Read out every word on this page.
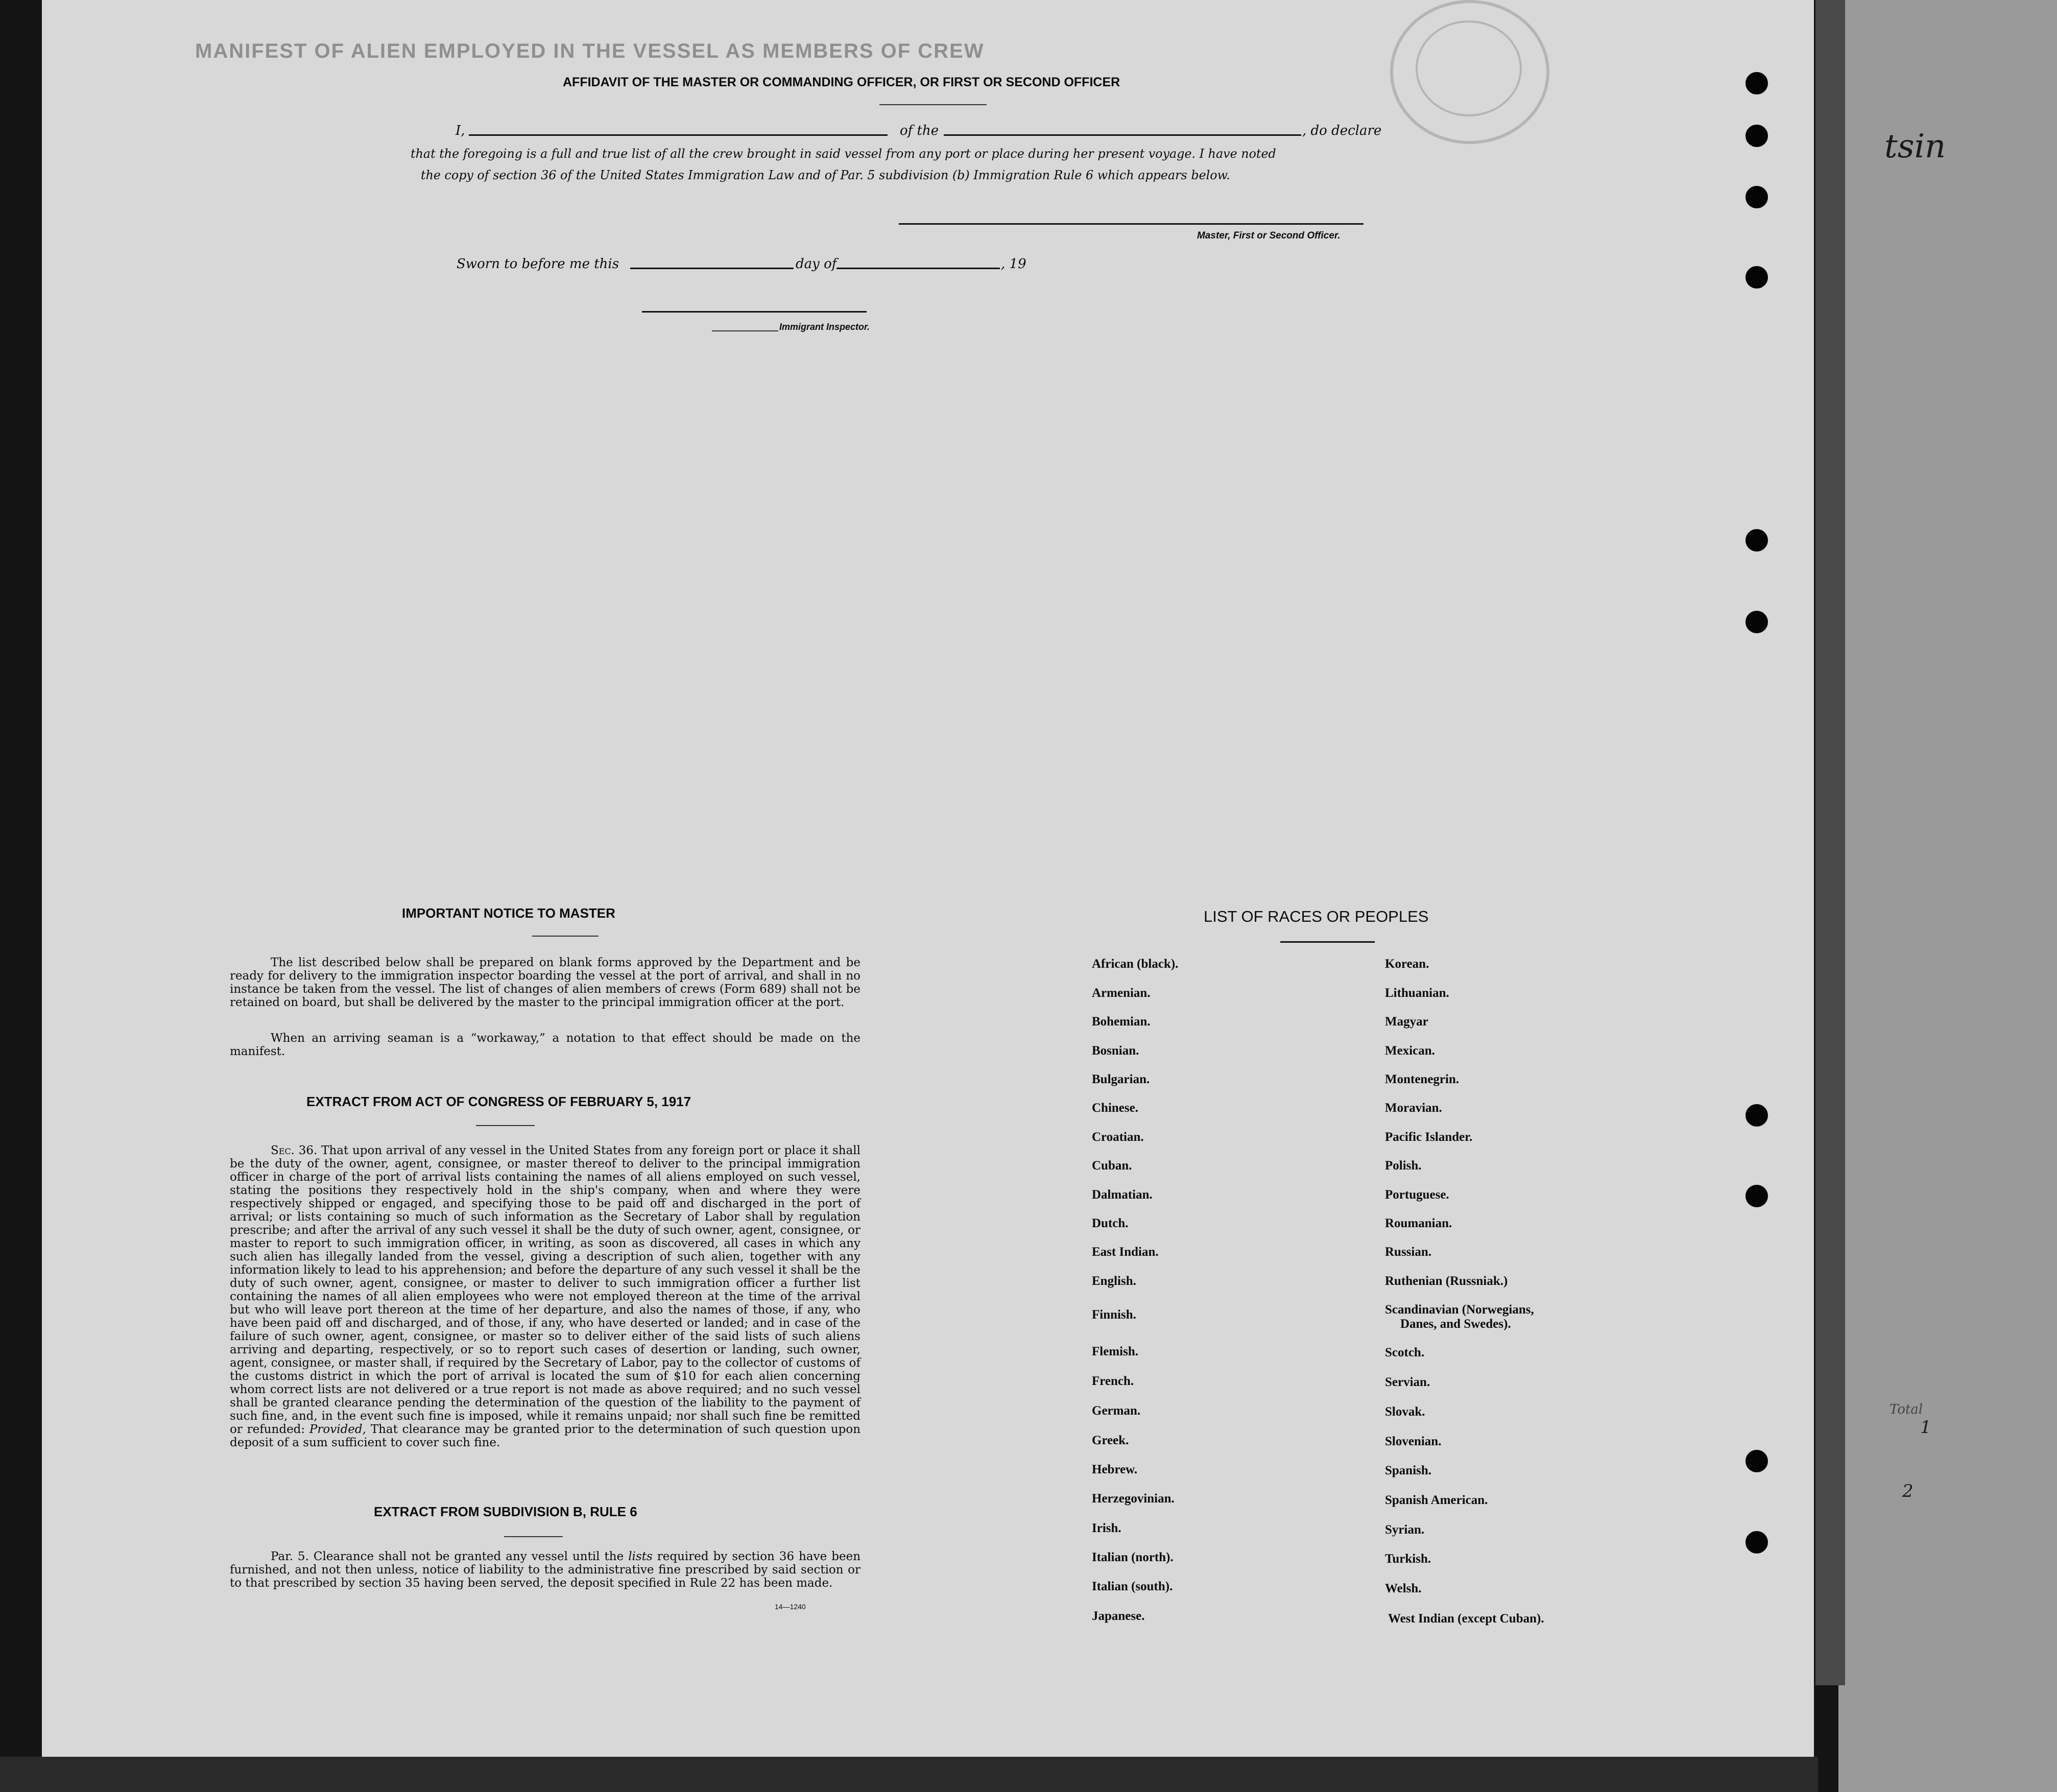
tsin
Total
1
2
MANIFEST OF ALIEN EMPLOYED IN THE VESSEL AS MEMBERS OF CREW
AFFIDAVIT OF THE MASTER OR COMMANDING OFFICER, OR FIRST OR SECOND OFFICER
I,	of the	, do declare
that the foregoing is a full and true list of all the crew brought in said vessel from any port or place during her present voyage. I have noted
the copy of section 36 of the United States Immigration Law and of Par. 5 subdivision (b) Immigration Rule 6 which appears below.
Master, First or Second Officer.
Sworn to before me this	day of	, 19
Immigrant Inspector.
IMPORTANT NOTICE TO MASTER

The list described below shall be prepared on blank forms approved by the Department and be ready for delivery to the immigration inspector boarding the vessel at the port of arrival, and shall in no instance be taken from the vessel. The list of changes of alien members of crews (Form 689) shall not be retained on board, but shall be delivered by the master to the principal immigration officer at the port.

When an arriving seaman is a “workaway,” a notation to that effect should be made on the manifest.

EXTRACT FROM ACT OF CONGRESS OF FEBRUARY 5, 1917

Sec. 36. That upon arrival of any vessel in the United States from any foreign port or place it shall be the duty of the owner, agent, consignee, or master thereof to deliver to the principal immigration officer in charge of the port of arrival lists containing the names of all aliens employed on such vessel, stating the positions they respectively hold in the ship's company, when and where they were respectively shipped or engaged, and specifying those to be paid off and discharged in the port of arrival; or lists containing so much of such information as the Secretary of Labor shall by regulation prescribe; and after the arrival of any such vessel it shall be the duty of such owner, agent, consignee, or master to report to such immigration officer, in writing, as soon as discovered, all cases in which any such alien has illegally landed from the vessel, giving a description of such alien, together with any information likely to lead to his apprehension; and before the departure of any such vessel it shall be the duty of such owner, agent, consignee, or master to deliver to such immigration officer a further list containing the names of all alien employees who were not employed thereon at the time of the arrival but who will leave port thereon at the time of her departure, and also the names of those, if any, who have been paid off and discharged, and of those, if any, who have deserted or landed; and in case of the failure of such owner, agent, consignee, or master so to deliver either of the said lists of such aliens arriving and departing, respectively, or so to report such cases of desertion or landing, such owner, agent, consignee, or master shall, if required by the Secretary of Labor, pay to the collector of customs of the customs district in which the port of arrival is located the sum of $10 for each alien concerning whom correct lists are not delivered or a true report is not made as above required; and no such vessel shall be granted clearance pending the determination of the question of the liability to the payment of such fine, and, in the event such fine is imposed, while it remains unpaid; nor shall such fine be remitted or refunded: Provided, That clearance may be granted prior to the determination of such question upon deposit of a sum sufficient to cover such fine.

EXTRACT FROM SUBDIVISION B, RULE 6

Par. 5. Clearance shall not be granted any vessel until the lists required by section 36 have been furnished, and not then unless, notice of liability to the administrative fine prescribed by said section or to that prescribed by section 35 having been served, the deposit specified in Rule 22 has been made.

14—1240
LIST OF RACES OR PEOPLES
African (black).
Armenian.
Bohemian.
Bosnian.
Bulgarian.
Chinese.
Croatian.
Cuban.
Dalmatian.
Dutch.
East Indian.
English.
Finnish.
Flemish.
French.
German.
Greek.
Hebrew.
Herzegovinian.
Irish.
Italian (north).
Italian (south).
Japanese.
Korean.
Lithuanian.
Magyar
Mexican.
Montenegrin.
Moravian.
Pacific Islander.
Polish.
Portuguese.
Roumanian.
Russian.
Ruthenian (Russniak.)
Scandinavian (Norwegians,
Danes, and Swedes).
Scotch.
Servian.
Slovak.
Slovenian.
Spanish.
Spanish American.
Syrian.
Turkish.
Welsh.
West Indian (except Cuban).
